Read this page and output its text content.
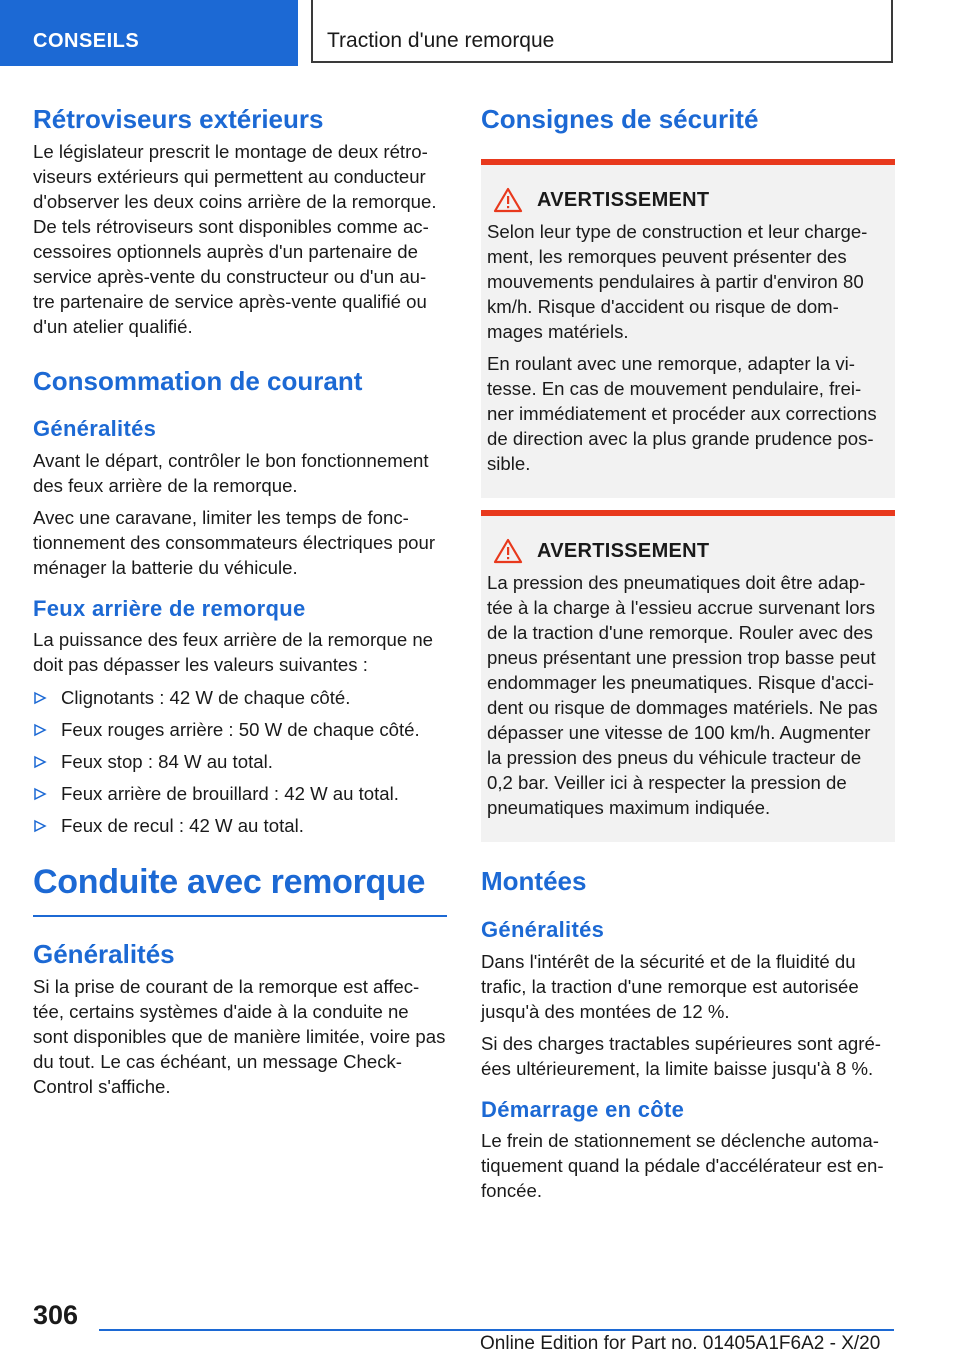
CONSEILS	Traction d'une remorque
Rétroviseurs extérieurs

Le législateur prescrit le montage de deux rétro-viseurs extérieurs qui permettent au conducteur d'observer les deux coins arrière de la remorque. De tels rétroviseurs sont disponibles comme ac-cessoires optionnels auprès d'un partenaire de service après-vente du constructeur ou d'un au-tre partenaire de service après-vente qualifié ou d'un atelier qualifié.

Consommation de courant
Généralités

Avant le départ, contrôler le bon fonctionnement des feux arrière de la remorque.

Avec une caravane, limiter les temps de fonc-tionnement des consommateurs électriques pour ménager la batterie du véhicule.

Feux arrière de remorque

La puissance des feux arrière de la remorque ne doit pas dépasser les valeurs suivantes :

Clignotants : 42 W de chaque côté.
Feux rouges arrière : 50 W de chaque côté.
Feux stop : 84 W au total.
Feux arrière de brouillard : 42 W au total.
Feux de recul : 42 W au total.
Conduite avec remorque
Généralités

Si la prise de courant de la remorque est affec-tée, certains systèmes d'aide à la conduite ne sont disponibles que de manière limitée, voire pas du tout. Le cas échéant, un message Check-Control s'affiche.

Consignes de sécurité
AVERTISSEMENT

Selon leur type de construction et leur charge-ment, les remorques peuvent présenter des mouvements pendulaires à partir d'environ 80 km/h. Risque d'accident ou risque de dom-mages matériels.

En roulant avec une remorque, adapter la vi-tesse. En cas de mouvement pendulaire, frei-ner immédiatement et procéder aux corrections de direction avec la plus grande prudence pos-sible.

AVERTISSEMENT

La pression des pneumatiques doit être adap-tée à la charge à l'essieu accrue survenant lors de la traction d'une remorque. Rouler avec des pneus présentant une pression trop basse peut endommager les pneumatiques. Risque d'acci-dent ou risque de dommages matériels. Ne pas dépasser une vitesse de 100 km/h. Augmenter la pression des pneus du véhicule tracteur de 0,2 bar. Veiller ici à respecter la pression de pneumatiques maximum indiquée.

Montées
Généralités

Dans l'intérêt de la sécurité et de la fluidité du trafic, la traction d'une remorque est autorisée jusqu'à des montées de 12 %.

Si des charges tractables supérieures sont agré-ées ultérieurement, la limite baisse jusqu'à 8 %.

Démarrage en côte

Le frein de stationnement se déclenche automa-tiquement quand la pédale d'accélérateur est en-foncée.

306
Online Edition for Part no. 01405A1F6A2 - X/20
